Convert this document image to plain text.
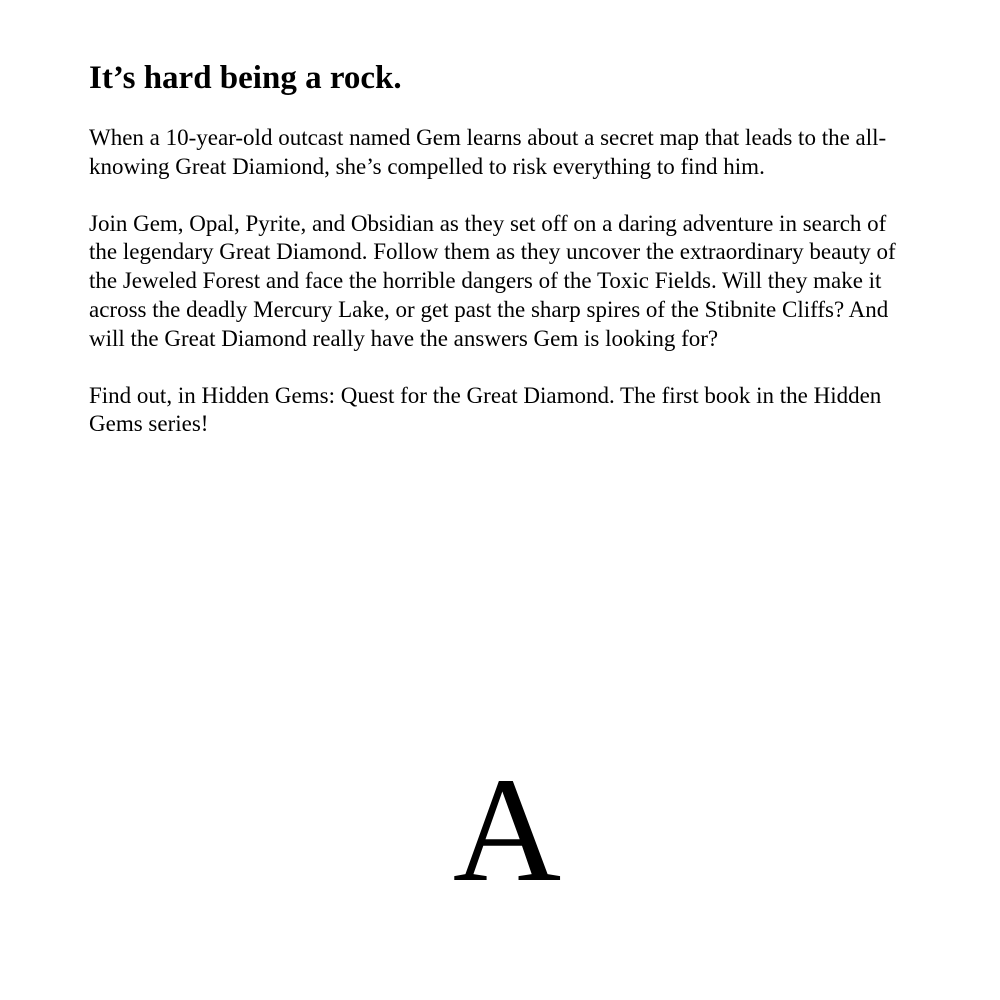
It’s hard being a rock.

When a 10-year-old outcast named Gem learns about a secret map that leads to the all-knowing Great Diamiond, she’s compelled to risk everything to find him.

Join Gem, Opal, Pyrite, and Obsidian as they set off on a daring adventure in search of the legendary Great Diamond. Follow them as they uncover the extraordinary beauty of the Jeweled Forest and face the horrible dangers of the Toxic Fields. Will they make it across the deadly Mercury Lake, or get past the sharp spires of the Stibnite Cliffs? And will the Great Diamond really have the answers Gem is looking for?

Find out, in Hidden Gems: Quest for the Great Diamond. The first book in the Hidden Gems series!

A
